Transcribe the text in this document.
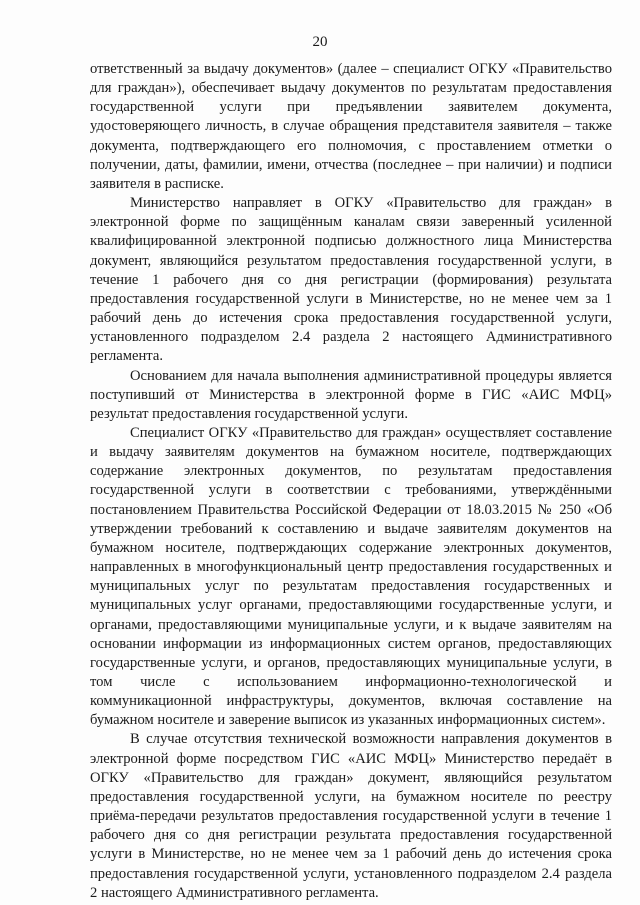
20

ответственный за выдачу документов» (далее – специалист ОГКУ «Правительство для граждан»), обеспечивает выдачу документов по результатам предоставления государственной услуги при предъявлении заявителем документа, удостоверяющего личность, в случае обращения представителя заявителя – также документа, подтверждающего его полномочия, с проставлением отметки о получении, даты, фамилии, имени, отчества (последнее – при наличии) и подписи заявителя в расписке.

Министерство направляет в ОГКУ «Правительство для граждан» в электронной форме по защищённым каналам связи заверенный усиленной квалифицированной электронной подписью должностного лица Министерства документ, являющийся результатом предоставления государственной услуги, в течение 1 рабочего дня со дня регистрации (формирования) результата предоставления государственной услуги в Министерстве, но не менее чем за 1 рабочий день до истечения срока предоставления государственной услуги, установленного подразделом 2.4 раздела 2 настоящего Административного регламента.

Основанием для начала выполнения административной процедуры является поступивший от Министерства в электронной форме в ГИС «АИС МФЦ» результат предоставления государственной услуги.

Специалист ОГКУ «Правительство для граждан» осуществляет составление и выдачу заявителям документов на бумажном носителе, подтверждающих содержание электронных документов, по результатам предоставления государственной услуги в соответствии с требованиями, утверждёнными постановлением Правительства Российской Федерации от 18.03.2015 № 250 «Об утверждении требований к составлению и выдаче заявителям документов на бумажном носителе, подтверждающих содержание электронных документов, направленных в многофункциональный центр предоставления государственных и муниципальных услуг по результатам предоставления государственных и муниципальных услуг органами, предоставляющими государственные услуги, и органами, предоставляющими муниципальные услуги, и к выдаче заявителям на основании информации из информационных систем органов, предоставляющих государственные услуги, и органов, предоставляющих муниципальные услуги, в том числе с использованием информационно-технологической и коммуникационной инфраструктуры, документов, включая составление на бумажном носителе и заверение выписок из указанных информационных систем».

В случае отсутствия технической возможности направления документов в электронной форме посредством ГИС «АИС МФЦ» Министерство передаёт в ОГКУ «Правительство для граждан» документ, являющийся результатом предоставления государственной услуги, на бумажном носителе по реестру приёма-передачи результатов предоставления государственной услуги в течение 1 рабочего дня со дня регистрации результата предоставления государственной услуги в Министерстве, но не менее чем за 1 рабочий день до истечения срока предоставления государственной услуги, установленного подразделом 2.4 раздела 2 настоящего Административного регламента.
